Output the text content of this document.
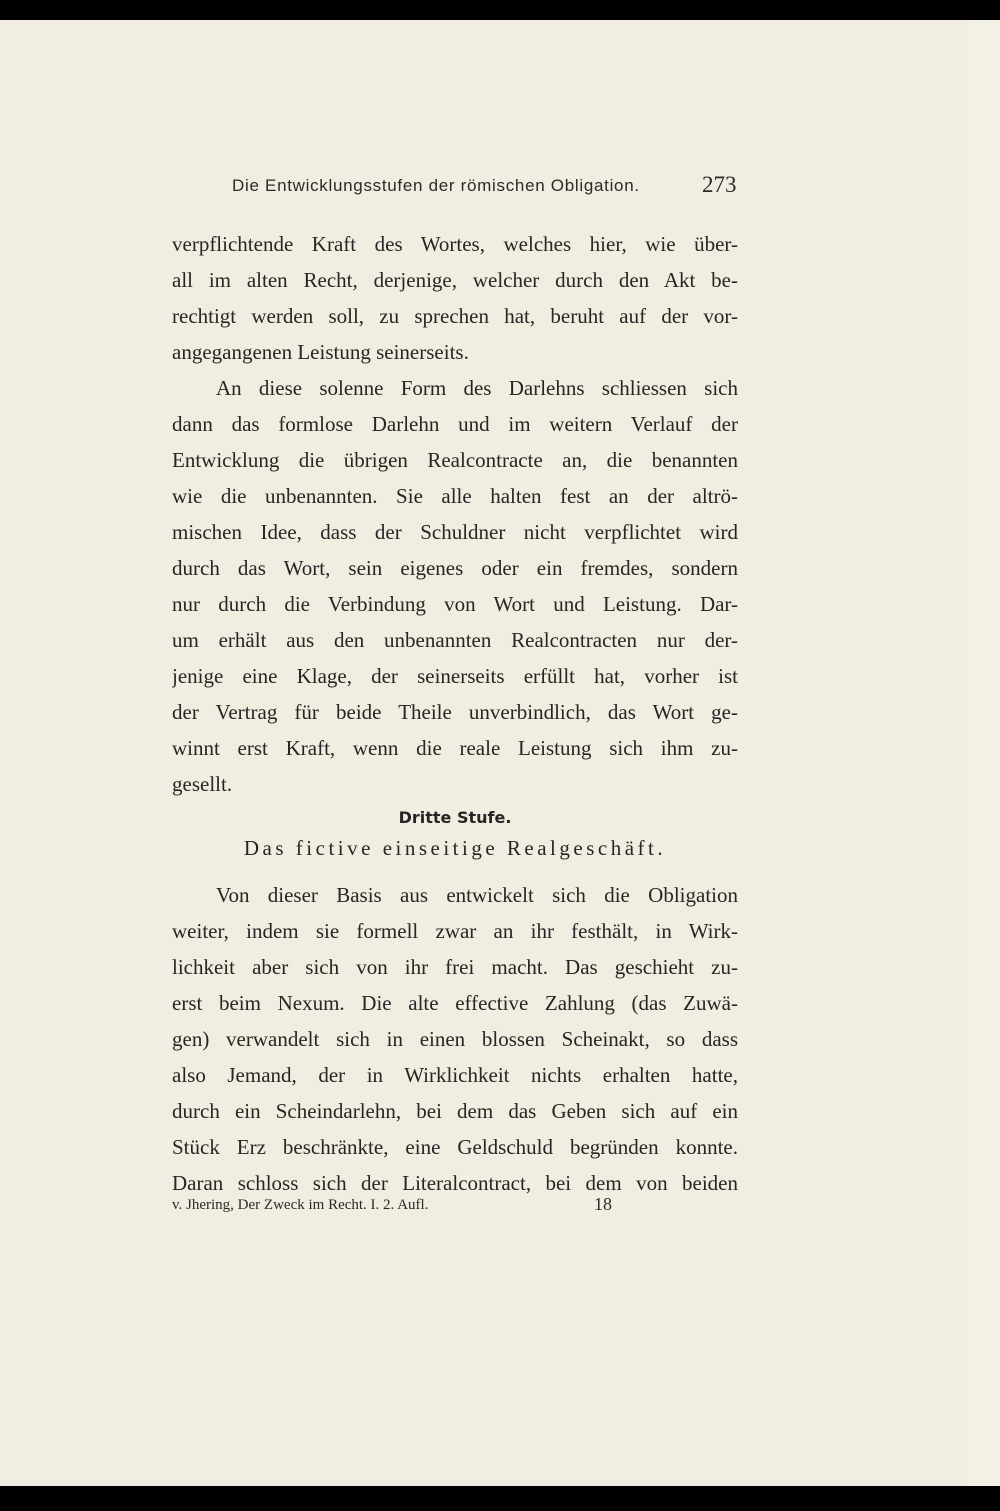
Die Entwicklungsstufen der römischen Obligation.	273
verpflichtende Kraft des Wortes, welches hier, wie über-
all im alten Recht, derjenige, welcher durch den Akt be-
rechtigt werden soll, zu sprechen hat, beruht auf der vor-
angegangenen Leistung seinerseits.
An diese solenne Form des Darlehns schliessen sich
dann das formlose Darlehn und im weitern Verlauf der
Entwicklung die übrigen Realcontracte an, die benannten
wie die unbenannten. Sie alle halten fest an der altrö-
mischen Idee, dass der Schuldner nicht verpflichtet wird
durch das Wort, sein eigenes oder ein fremdes, sondern
nur durch die Verbindung von Wort und Leistung. Dar-
um erhält aus den unbenannten Realcontracten nur der-
jenige eine Klage, der seinerseits erfüllt hat, vorher ist
der Vertrag für beide Theile unverbindlich, das Wort ge-
winnt erst Kraft, wenn die reale Leistung sich ihm zu-
gesellt.
Dritte Stufe.
Das fictive einseitige Realgeschäft.
Von dieser Basis aus entwickelt sich die Obligation
weiter, indem sie formell zwar an ihr festhält, in Wirk-
lichkeit aber sich von ihr frei macht. Das geschieht zu-
erst beim Nexum. Die alte effective Zahlung (das Zuwä-
gen) verwandelt sich in einen blossen Scheinakt, so dass
also Jemand, der in Wirklichkeit nichts erhalten hatte,
durch ein Scheindarlehn, bei dem das Geben sich auf ein
Stück Erz beschränkte, eine Geldschuld begründen konnte.
Daran schloss sich der Literalcontract, bei dem von beiden
v. Jhering, Der Zweck im Recht. I. 2. Aufl.	18
